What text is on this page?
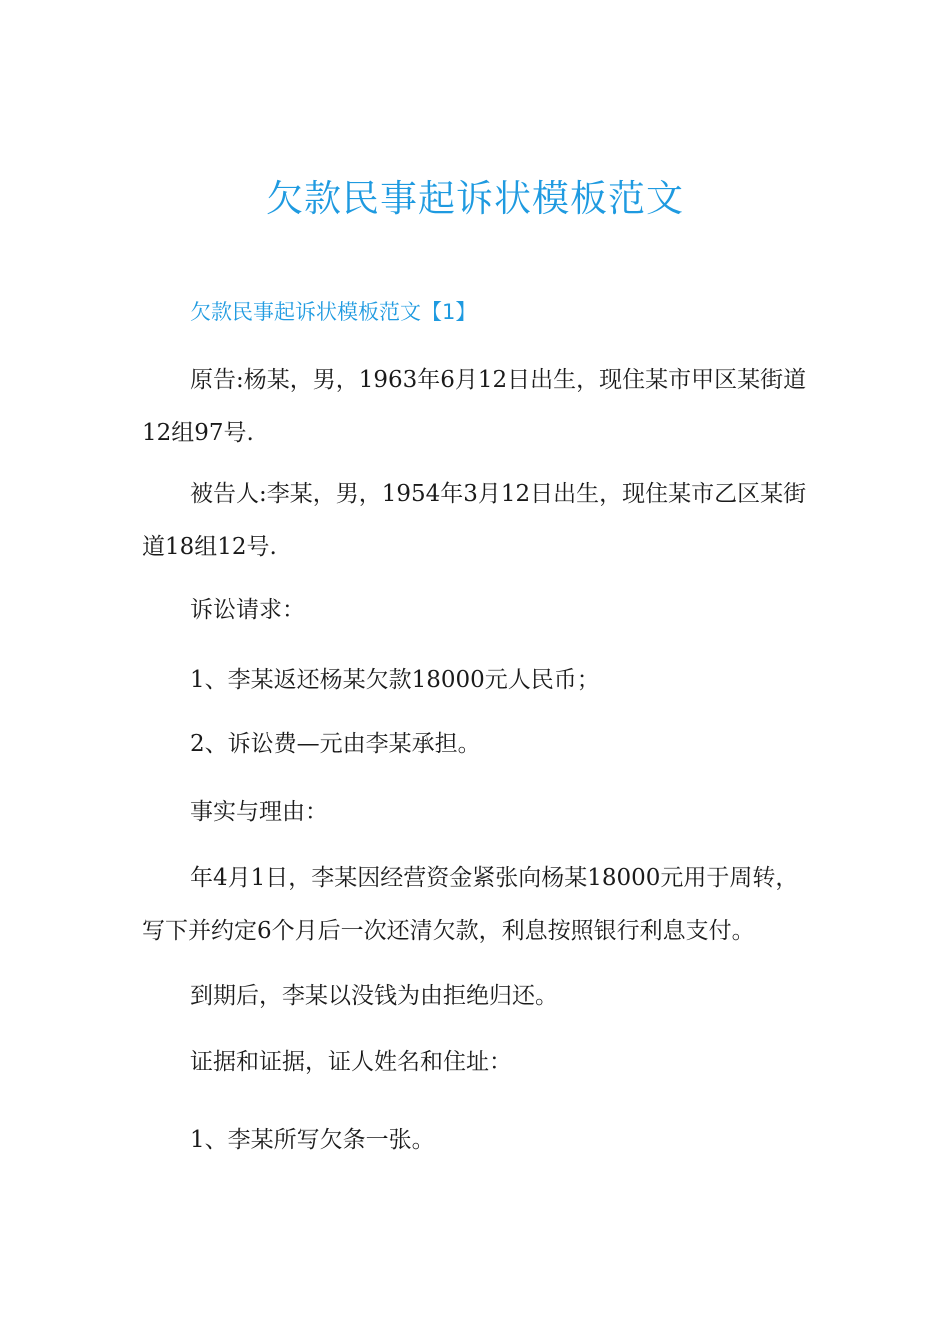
欠款民事起诉状模板范文
欠款民事起诉状模板范文【1】

原告:杨某，男，1963年6月12日出生，现住某市甲区某街道12组97号.

被告人:李某，男，1954年3月12日出生，现住某市乙区某街道18组12号.

诉讼请求：

1、李某返还杨某欠款18000元人民币；

2、诉讼费—元由李某承担。

事实与理由：

年4月1日，李某因经营资金紧张向杨某18000元用于周转，写下并约定6个月后一次还清欠款，利息按照银行利息支付。

到期后，李某以没钱为由拒绝归还。

证据和证据，证人姓名和住址：

1、李某所写欠条一张。
